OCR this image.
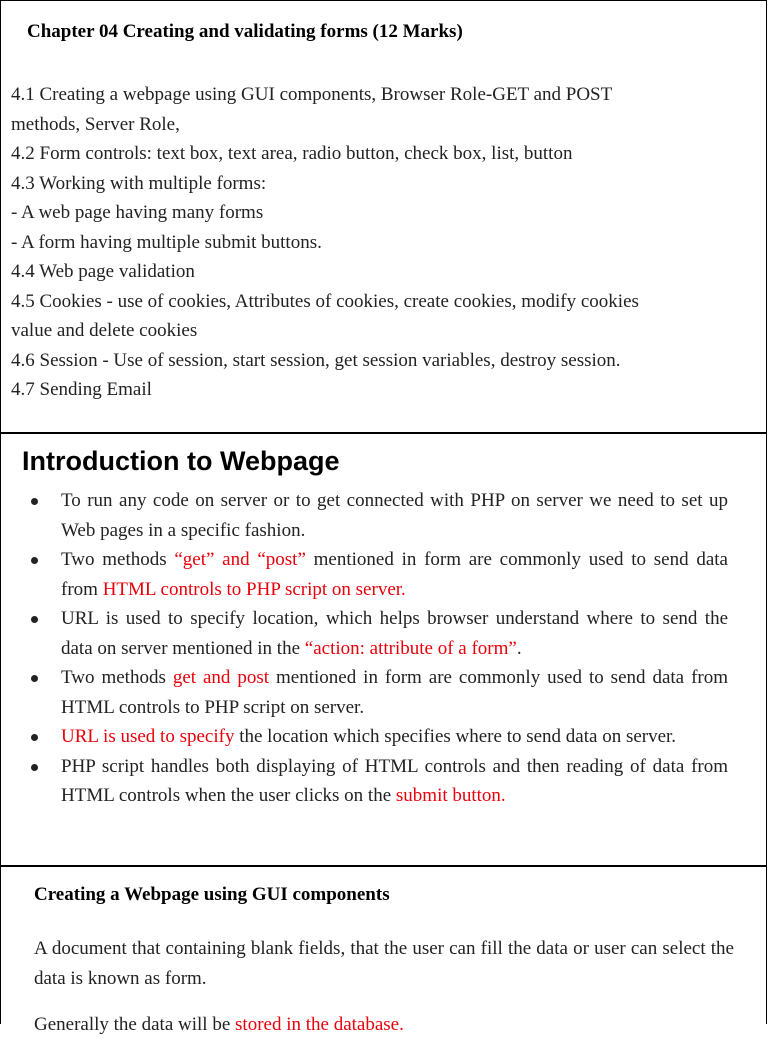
Chapter 04 Creating and validating forms (12 Marks)
4.1 Creating a webpage using GUI components, Browser Role-GET and POST
methods, Server Role,
4.2 Form controls: text box, text area, radio button, check box, list, button
4.3 Working with multiple forms:
- A web page having many forms
- A form having multiple submit buttons.
4.4 Web page validation
4.5 Cookies - use of cookies, Attributes of cookies, create cookies, modify cookies
value and delete cookies
4.6 Session - Use of session, start session, get session variables, destroy session.
4.7 Sending Email
Introduction to Webpage
To run any code on server or to get connected with PHP on server we need to set up Web pages in a specific fashion.
Two methods “get” and “post” mentioned in form are commonly used to send data from HTML controls to PHP script on server.
URL is used to specify location, which helps browser understand where to send the data on server mentioned in the “action: attribute of a form”.
Two methods get and post mentioned in form are commonly used to send data from HTML controls to PHP script on server.
URL is used to specify the location which specifies where to send data on server.
PHP script handles both displaying of HTML controls and then reading of data from HTML controls when the user clicks on the submit button.
Creating a Webpage using GUI components

A document that containing blank fields, that the user can fill the data or user can select the data is known as form.

Generally the data will be stored in the database.
